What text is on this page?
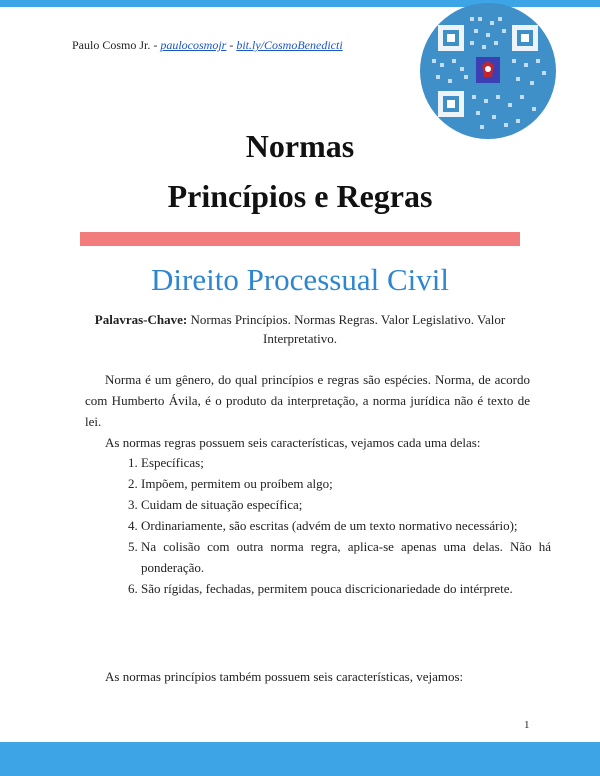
Paulo Cosmo Jr. - paulocosmojr - bit.ly/CosmoBenedicti
Normas
Princípios e Regras
Direito Processual Civil
Palavras-Chave: Normas Princípios. Normas Regras. Valor Legislativo. Valor Interpretativo.
Norma é um gênero, do qual princípios e regras são espécies. Norma, de acordo com Humberto Ávila, é o produto da interpretação, a norma jurídica não é texto de lei.
As normas regras possuem seis características, vejamos cada uma delas:
1. Específicas;
2. Impõem, permitem ou proíbem algo;
3. Cuidam de situação específica;
4. Ordinariamente, são escritas (advém de um texto normativo necessário);
5. Na colisão com outra norma regra, aplica-se apenas uma delas. Não há ponderação.
6. São rígidas, fechadas, permitem pouca discricionariedade do intérprete.
As normas princípios também possuem seis características, vejamos:
1
